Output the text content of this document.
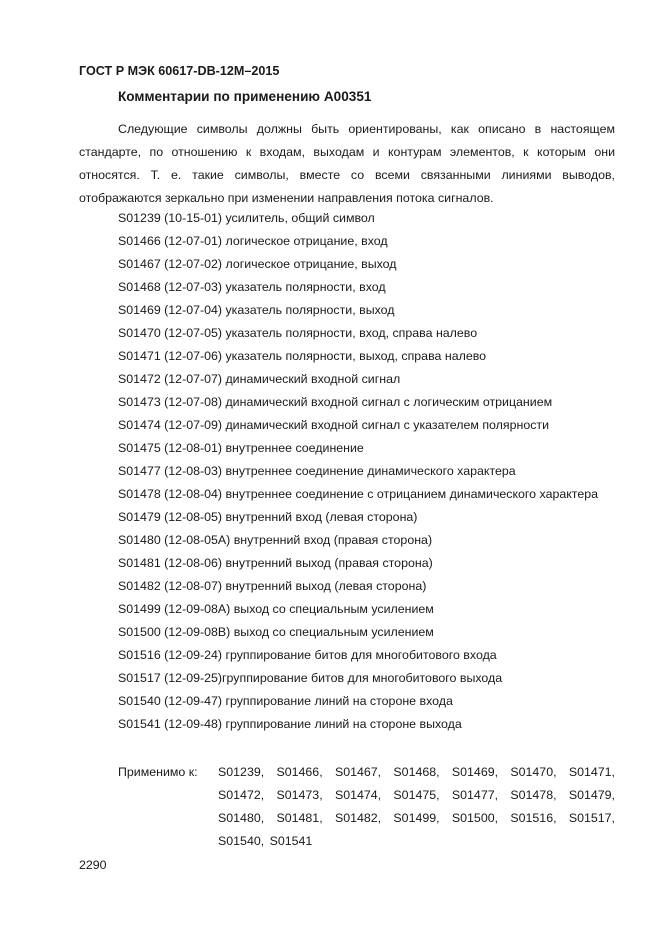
ГОСТ Р МЭК 60617-DB-12M–2015
Комментарии по применению A00351

Следующие символы должны быть ориентированы, как описано в настоящем стандарте, по отношению к входам, выходам и контурам элементов, к которым они относятся. Т. е. такие символы, вместе со всеми связанными линиями выводов, отображаются зеркально при изменении направления потока сигналов.

S01239 (10-15-01) усилитель, общий символ
S01466 (12-07-01) логическое отрицание, вход
S01467 (12-07-02) логическое отрицание, выход
S01468 (12-07-03) указатель полярности, вход
S01469 (12-07-04) указатель полярности, выход
S01470 (12-07-05) указатель полярности, вход, справа налево
S01471 (12-07-06) указатель полярности, выход, справа налево
S01472 (12-07-07) динамический входной сигнал
S01473 (12-07-08) динамический входной сигнал с логическим отрицанием
S01474 (12-07-09) динамический входной сигнал с указателем полярности
S01475 (12-08-01) внутреннее соединение
S01477 (12-08-03) внутреннее соединение динамического характера
S01478 (12-08-04) внутреннее соединение с отрицанием динамического характера
S01479 (12-08-05) внутренний вход (левая сторона)
S01480 (12-08-05A) внутренний вход (правая сторона)
S01481 (12-08-06) внутренний выход (правая сторона)
S01482 (12-08-07) внутренний выход (левая сторона)
S01499 (12-09-08A) выход со специальным усилением
S01500 (12-09-08B) выход со специальным усилением
S01516 (12-09-24) группирование битов для многобитового входа
S01517 (12-09-25)группирование битов для многобитового выхода
S01540 (12-09-47) группирование линий на стороне входа
S01541 (12-09-48) группирование линий на стороне выхода
Применимо к: S01239, S01466, S01467, S01468, S01469, S01470, S01471, S01472, S01473, S01474, S01475, S01477, S01478, S01479, S01480, S01481, S01482, S01499, S01500, S01516, S01517, S01540, S01541
2290
